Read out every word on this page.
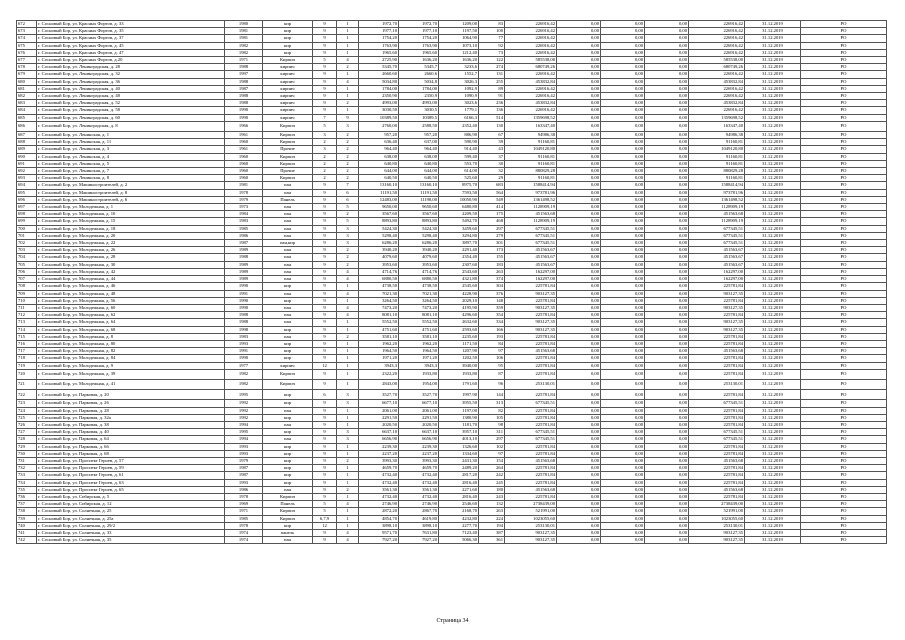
672	г. Сосновый Бор, ул. Красных Фортов, д. 33	1980	кир	9	1	1972,70	1972,70	1209,00	83	226916,42	0,00	0,00	0,00	226916,42	31.12.2019	РО
673	г. Сосновый Бор, ул. Красных Фортов, д. 35	1981	кир	9	1	1977,10	1977,10	1197,50	100	226916,42	0,00	0,00	0,00	226916,42	31.12.2019	РО
674	г. Сосновый Бор, ул. Красных Фортов, д. 37	1981	кир	9	1	1754,20	1754,20	1064,90	77	226916,42	0,00	0,00	0,00	226916,42	31.12.2019	РО
675	г. Сосновый Бор, ул. Красных Фортов, д. 45	1982	кир	9	1	1763,90	1763,90	1073,10	92	226916,42	0,00	0,00	0,00	226916,42	31.12.2019	РО
676	г. Сосновый Бор, ул. Красных Фортов, д. 47	1982	кир	9	1	1965,60	1965,60	1212,40	73	226916,42	0,00	0,00	0,00	226916,42	31.12.2019	РО
677	г. Сосновый Бор, ул. Красных Фортов, д.20	1971	Кирпич	5	4	2725,90	1636,20	1636,20	122	585538,00	0,00	0,00	0,00	585538,00	31.12.2019	РО
678	г. Сосновый Бор, ул. Ленинградская, д. 28	1988	кирпич	9	2	5345,70	5345,7	3233,6	274	680749,26	0,00	0,00	0,00	680749,26	31.12.2019	РО
679	г. Сосновый Бор, ул. Ленинградская, д. 32	1997	кирпич	9	1	2660,60	2660,6	1552,7	131	226916,42	0,00	0,00	0,00	226916,42	31.12.2019	РО
680	г. Сосновый Бор, ул. Ленинградская, д. 36	1988	кирпич	9	4	5034,80	5034,8	3026,3	255	453832,84	0,00	0,00	0,00	453832,84	31.12.2019	РО
681	г. Сосновый Бор, ул. Ленинградская, д. 40	1987	кирпич	9	1	1784,00	1784,00	1092,9	89	226916,42	0,00	0,00	0,00	226916,42	31.12.2019	РО
682	г. Сосновый Бор, ул. Ленинградская, д. 48	1988	кирпич	9	1	2350,90	2350,9	1090,9	91	226916,42	0,00	0,00	0,00	226916,42	31.12.2019	РО
683	г. Сосновый Бор, ул. Ленинградская, д. 52	1988	кирпич	9	2	4993,00	4993,00	3023,6	236	453832,84	0,00	0,00	0,00	453832,84	31.12.2019	РО
684	г. Сосновый Бор, ул. Ленинградская, д. 58	1990	кирпич	9	1	3030,50	3030,5	1779,1	136	226916,42	0,00	0,00	0,00	226916,42	31.12.2019	РО
685	г. Сосновый Бор, ул. Ленинградская, д. 60	1990	кирпич	7	9	10389,50	10389,5	6166,3	514	1359698,52	0,00	0,00	0,00	1359698,52	31.12.2019	РО
686	г. Сосновый Бор, ул. Ленинградская, д. 8	1966	Кирпич	5	3	2760,00	2588,50	2352,40	130	163347,40	0,00	0,00	0,00	163347,40	31.12.2019	РО
687	г. Сосновый Бор, ул. Ленинская, д. 1	1961	Кирпич	3	2	957,20	957,20	886,90	67	94986,38	0,00	0,00	0,00	94986,38	31.12.2019	РО
688	г. Сосновый Бор, ул. Ленинская, д. 11	1960	Кирпич	2	2	636,40	637,00	590,90	39	91160,81	0,00	0,00	0,00	91160,81	31.12.2019	РО
689	г. Сосновый Бор, ул. Ленинская, д. 3	1961	Прочие	3	2	964,40	964,40	914,40	43	1049120,80	0,00	0,00	0,00	1049120,80	31.12.2019	РО
690	г. Сосновый Бор, ул. Ленинская, д. 4	1960	Кирпич	2	2	638,00	638,00	599,40	37	91160,81	0,00	0,00	0,00	91160,81	31.12.2019	РО
691	г. Сосновый Бор, ул. Ленинская, д. 5	1960	Кирпич	2	2	640,80	640,80	553,70	30	91160,81	0,00	0,00	0,00	91160,81	31.12.2019	РО
692	г. Сосновый Бор, ул. Ленинская, д. 7	1960	Прочие	2	2	644,00	644,00	614,00	32	880829,28	0,00	0,00	0,00	880829,28	31.12.2019	РО
693	г. Сосновый Бор, ул. Ленинская, д. 8	1960	Кирпич	2	2	640,50	640,50	525,60	29	91160,81	0,00	0,00	0,00	91160,81	31.12.2019	РО
694	г. Сосновый Бор, ул. Машиностроителей, д. 2	1981	пан	9	7	13160,10	13160,10	8975,70	683	1588414,94	0,00	0,00	0,00	1588414,94	31.12.2019	РО
695	г. Сосновый Бор, ул. Машиностроителей, д. 8	1978	пан	9	6	11191,50	11191,50	7593,50	564	973781,96	0,00	0,00	0,00	973781,96	31.12.2019	РО
696	г. Сосновый Бор, ул. Машиностроителей, д. 6	1979	Панель	9	6	12483,00	11198,00	10050,90	549	1361498,52	0,00	0,00	0,00	1361498,52	31.12.2019	РО
697	г. Сосновый Бор, ул. Молодежная, д. 1	1973	пан	9	5	9650,00	9650,60	6480,80	414	1128909,19	0,00	0,00	0,00	1128909,19	31.12.2019	РО
698	г. Сосновый Бор, ул. Молодежная, д. 10	1984	пан	9	2	3567,60	3567,60	2209,50	175	451563,68	0,00	0,00	0,00	451563,68	31.12.2019	РО
699	г. Сосновый Бор, ул. Молодежная, д. 15	1983	пан	9	5	8893,80	8893,80	5492,70	468	1128909,19	0,00	0,00	0,00	1128909,19	31.12.2019	РО
700	г. Сосновый Бор, ул. Молодежная, д. 18	1985	пан	9	3	5424,30	5424,30	3459,60	297	677345,51	0,00	0,00	0,00	677345,51	31.12.2019	РО
701	г. Сосновый Бор, ул. Молодежная, д. 20	1986	пан	9	3	5298,40	5298,40	3294,80	279	677345,51	0,00	0,00	0,00	677345,51	31.12.2019	РО
702	г. Сосновый Бор, ул. Молодежная, д. 22	1987	пан,кир	9	3	6286,20	6286,20	3897,70	301	677345,51	0,00	0,00	0,00	677345,51	31.12.2019	РО
703	г. Сосновый Бор, ул. Молодежная, д. 26	1989	пан	9	2	3940,20	3940,20	2291,40	173	451563,67	0,00	0,00	0,00	451563,67	31.12.2019	РО
704	г. Сосновый Бор, ул. Молодежная, д. 28	1988	пан	9	2	4079,60	4079,60	2354,40	155	451563,67	0,00	0,00	0,00	451563,67	31.12.2019	РО
705	г. Сосновый Бор, ул. Молодежная, д. 30	1989	пан	9	2	3953,60	3953,60	2307,60	183	451563,67	0,00	0,00	0,00	451563,67	31.12.2019	РО
706	г. Сосновый Бор, ул. Молодежная, д. 42	1989	пан	9	4	4714,76	4714,76	2543,60	263	162297,00	0,00	0,00	0,00	162297,00	31.12.2019	РО
707	г. Сосновый Бор, ул. Молодежная, д. 44	1989	пан	9	4	6880,50	6880,50	4321,80	374	162297,00	0,00	0,00	0,00	162297,00	31.12.2019	РО
708	г. Сосновый Бор, ул. Молодежная, д. 46	1990	кир	9	1	4738,50	4738,50	2545,60	304	225781,84	0,00	0,00	0,00	225781,84	31.12.2019	РО
709	г. Сосновый Бор, ул. Молодежная, д. 48	1991	пан	9	4	7021,30	7021,30	4228,90	376	903127,35	0,00	0,00	0,00	903127,35	31.12.2019	РО
710	г. Сосновый Бор, ул. Молодежная, д. 56	1990	кир	9	1	3264,50	3264,50	2029,10	148	225781,84	0,00	0,00	0,00	225781,84	31.12.2019	РО
711	г. Сосновый Бор, ул. Молодежная, д. 60	1990	пан	9	4	7473,20	7473,20	4195,90	359	903127,35	0,00	0,00	0,00	903127,35	31.12.2019	РО
712	г. Сосновый Бор, ул. Молодежная, д. 62	1988	пан	9	4	8081,10	8081,10	4296,60	354	225781,84	0,00	0,00	0,00	225781,84	31.12.2019	РО
713	г. Сосновый Бор, ул. Молодежная, д. 64	1988	пан	9	1	5552,50	5552,50	2632,60	334	903127,35	0,00	0,00	0,00	903127,35	31.12.2019	РО
714	г. Сосновый Бор, ул. Молодежная, д. 68	1998	кир	9	1	4751,60	4751,60	2593,60	166	903127,35	0,00	0,00	0,00	903127,35	31.12.2019	РО
715	г. Сосновый Бор, ул. Молодежная, д. 8	1983	пан	9	2	3581,10	3581,10	2235,60	193	225781,84	0,00	0,00	0,00	225781,84	31.12.2019	РО
716	г. Сосновый Бор, ул. Молодежная, д. 80	1993	кир	9	1	1962,20	1962,20	1171,50	84	225781,84	0,00	0,00	0,00	225781,84	31.12.2019	РО
717	г. Сосновый Бор, ул. Молодежная, д. 82	1991	кир	9	1	1964,50	1964,50	1207,90	97	451563,68	0,00	0,00	0,00	451563,68	31.12.2019	РО
718	г. Сосновый Бор, ул. Молодежная, д. 84	1990	кир	9	1	1971,20	1971,20	1202,50	106	225781,84	0,00	0,00	0,00	225781,84	31.12.2019	РО
719	г. Сосновый Бор, ул. Молодежная, д. 9	1977	кирпич	12	1	3943,3	3943,3	3940,00	95	225781,84	0,00	0,00	0,00	225781,84	31.12.2019	РО
720	г. Сосновый Бор, ул. Молодежная, д. 39	1982	Кирпич	9	1	2322,20	1933,80	1933,80	87	225781,84	0,00	0,00	0,00	225781,84	31.12.2019	РО
721	г. Сосновый Бор, ул. Молодежная, д. 41	1982	Кирпич	9	1	2843,00	1954,00	1791,60	96	253130,01	0,00	0,00	0,00	253130,01	31.12.2019	РО
722	г. Сосновый Бор, ул. Парковая, д. 20	1995	кир	6	3	3527,70	3527,70	1997,90	144	225781,84	0,00	0,00	0,00	225781,84	31.12.2019	РО
723	г. Сосновый Бор, ул. Парковая, д. 26	1992	кир	9	3	6677,10	6677,10	3955,50	313	677345,51	0,00	0,00	0,00	677345,51	31.12.2019	РО
724	г. Сосновый Бор, ул. Парковая, д. 28	1992	пан	9	1	2061,00	2061,00	1197,00	82	225781,84	0,00	0,00	0,00	225781,84	31.12.2019	РО
725	г. Сосновый Бор, ул. Парковая, д. 32а	1992	кир	9	1	2291,50	2291,50	1380,90	105	225781,84	0,00	0,00	0,00	225781,84	31.12.2019	РО
726	г. Сосновый Бор, ул. Парковая, д. 38	1994	пан	9	1	2020,50	2020,50	1181,70	98	225781,84	0,00	0,00	0,00	225781,84	31.12.2019	РО
727	г. Сосновый Бор, ул. Парковая, д. 40	1995	кир	9	3	6637,10	6637,10	3957,10	311	677345,51	0,00	0,00	0,00	677345,51	31.12.2019	РО
728	г. Сосновый Бор, ул. Парковая, д. 64	1994	пан	9	3	6656,90	6656,90	4013,10	297	677345,51	0,00	0,00	0,00	677345,51	31.12.2019	РО
729	г. Сосновый Бор, ул. Парковая, д. 66	1993	кир	9	1	2239,30	2239,30	1326,60	102	225781,84	0,00	0,00	0,00	225781,84	31.12.2019	РО
730	г. Сосновый Бор, ул. Парковая, д. 68	1993	кир	9	1	2237,20	2237,20	1334,60	97	225781,84	0,00	0,00	0,00	225781,84	31.12.2019	РО
731	г. Сосновый Бор, ул. Проспект Героев, д. 57	1979	кир	9	2	3993,30	3993,30	2431,30	154	451563,68	0,00	0,00	0,00	451563,68	31.12.2019	РО
732	г. Сосновый Бор, ул. Проспект Героев, д. 59	1987	кир	9	1	4659,70	4659,70	2489,20	264	225781,84	0,00	0,00	0,00	225781,84	31.12.2019	РО
733	г. Сосновый Бор, ул. Проспект Героев, д. 61	1987	кир	9	1	4732,40	4732,40	2817,20	242	225781,84	0,00	0,00	0,00	225781,84	31.12.2019	РО
734	г. Сосновый Бор, ул. Проспект Героев, д. 63	1993	кир	9	1	4732,40	4732,40	2816,40	245	225781,84	0,00	0,00	0,00	225781,84	31.12.2019	РО
735	г. Сосновый Бор, ул. Проспект Героев, д. 65	1986	пан	9	2	3561,30	3561,30	2271,60	180	451563,68	0,00	0,00	0,00	451563,68	31.12.2019	РО
736	г. Сосновый Бор, ул. Сибирская, д. 5	1978	Кирпич	9	1	4732,40	4732,40	2816,40	243	225781,84	0,00	0,00	0,00	225781,84	31.12.2019	РО
737	г. Сосновый Бор, ул. Сибирская, д. 12	1969	Панель	5	4	2746,90	2746,90	2546,60	132	2738439,00	0,00	0,00	0,00	2738439,00	31.12.2019	РО
738	г. Сосновый Бор, ул. Солнечная, д. 25	1971	Кирпич	5	1	2872,20	2867,70	2168,70	263	521991,00	0,00	0,00	0,00	521991,00	31.12.2019	РО
739	г. Сосновый Бор, ул. Солнечная, д. 25а	1985	Кирпич	6,7,9	1	4854,70	4619,80	4232,80	224	1023055,60	0,00	0,00	0,00	1023055,60	31.12.2019	РО
740	г. Сосновый Бор, ул. Солнечная, д. 29/2	1978	кир	12	1	3898,10	3898,10	2277,70	194	253130,01	0,00	0,00	0,00	253130,01	31.12.2019	РО
741	г. Сосновый Бор, ул. Солнечная, д. 33	1974	панель	9	4	9571,70	7631,80	7123,40	387	903127,35	0,00	0,00	0,00	903127,35	31.12.2019	РО
742	г. Сосновый Бор, ул. Солнечная, д. 35	1974	пан	9	4	7927,20	7927,20	5066,30	361	903127,35	0,00	0,00	0,00	903127,35	31.12.2019	РО
Страница 34
